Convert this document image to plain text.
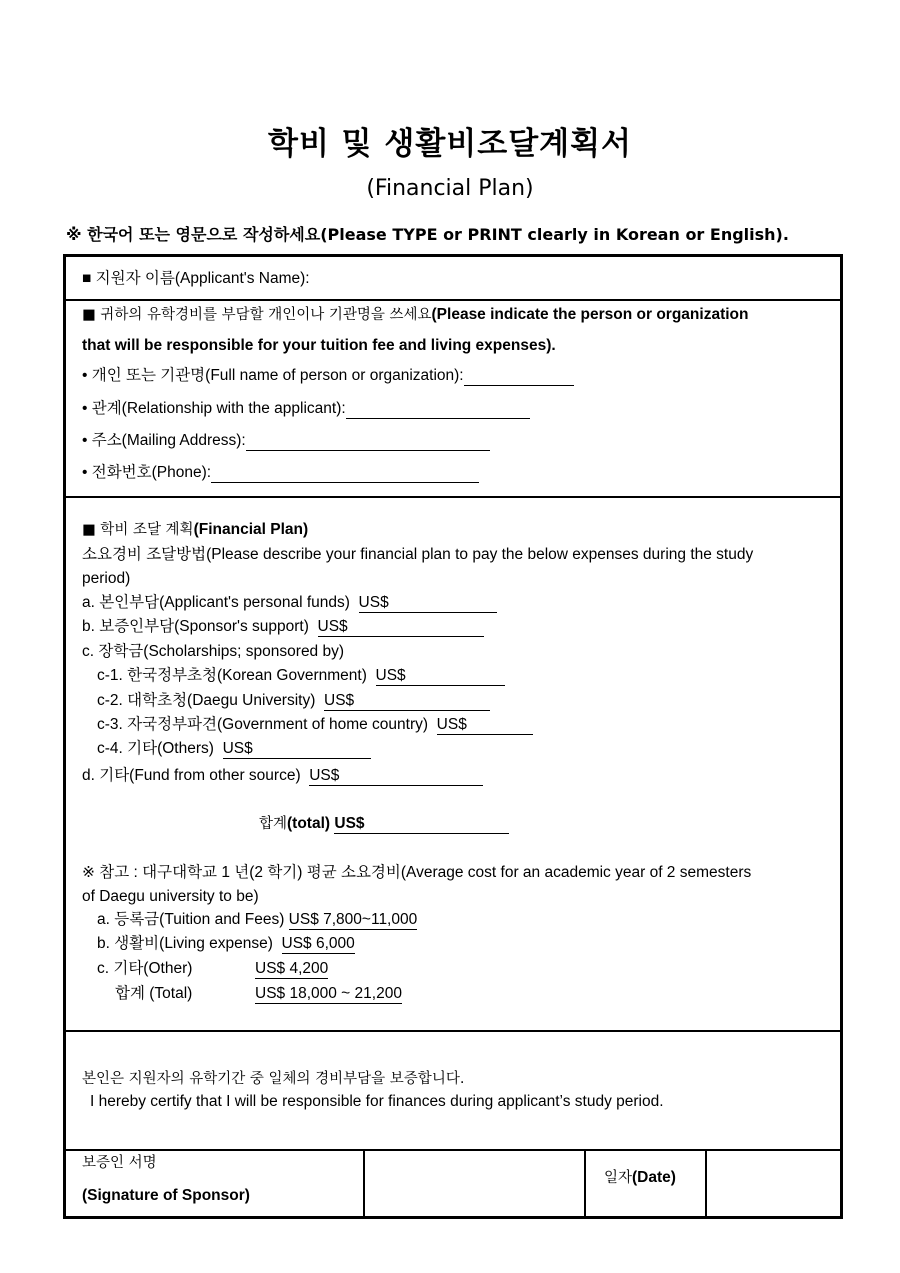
학비 및 생활비조달계획서
(Financial Plan)
※ 한국어 또는 영문으로 작성하세요(Please TYPE or PRINT clearly in Korean or English).
■ 지원자 이름(Applicant's Name):
■ 귀하의 유학경비를 부담할 개인이나 기관명을 쓰세요(Please indicate the person or organization
that will be responsible for your tuition fee and living expenses).
• 개인 또는 기관명(Full name of person or organization):
• 관계(Relationship with the applicant):
• 주소(Mailing Address):
• 전화번호(Phone):
■ 학비 조달 계획(Financial Plan)
소요경비 조달방법(Please describe your financial plan to pay the below expenses during the study
period)
a. 본인부담(Applicant's personal funds) US$
b. 보증인부담(Sponsor's support) US$
c. 장학금(Scholarships; sponsored by)
c-1. 한국정부초청(Korean Government) US$
c-2. 대학초청(Daegu University) US$
c-3. 자국정부파견(Government of home country) US$
c-4. 기타(Others) US$
d. 기타(Fund from other source) US$
합계(total) US$
※ 참고 : 대구대학교 1 년(2 학기) 평균 소요경비(Average cost for an academic year of 2 semesters
of Daegu university to be)
a. 등록금(Tuition and Fees) US$ 7,800~11,000
b. 생활비(Living expense) US$ 6,000
c. 기타(Other)	US$ 4,200
합계 (Total)	US$ 18,000 ~ 21,200
본인은 지원자의 유학기간 중 일체의 경비부담을 보증합니다.
I hereby certify that I will be responsible for finances during applicant’s study period.
보증인 서명
(Signature of Sponsor)
일자(Date)
